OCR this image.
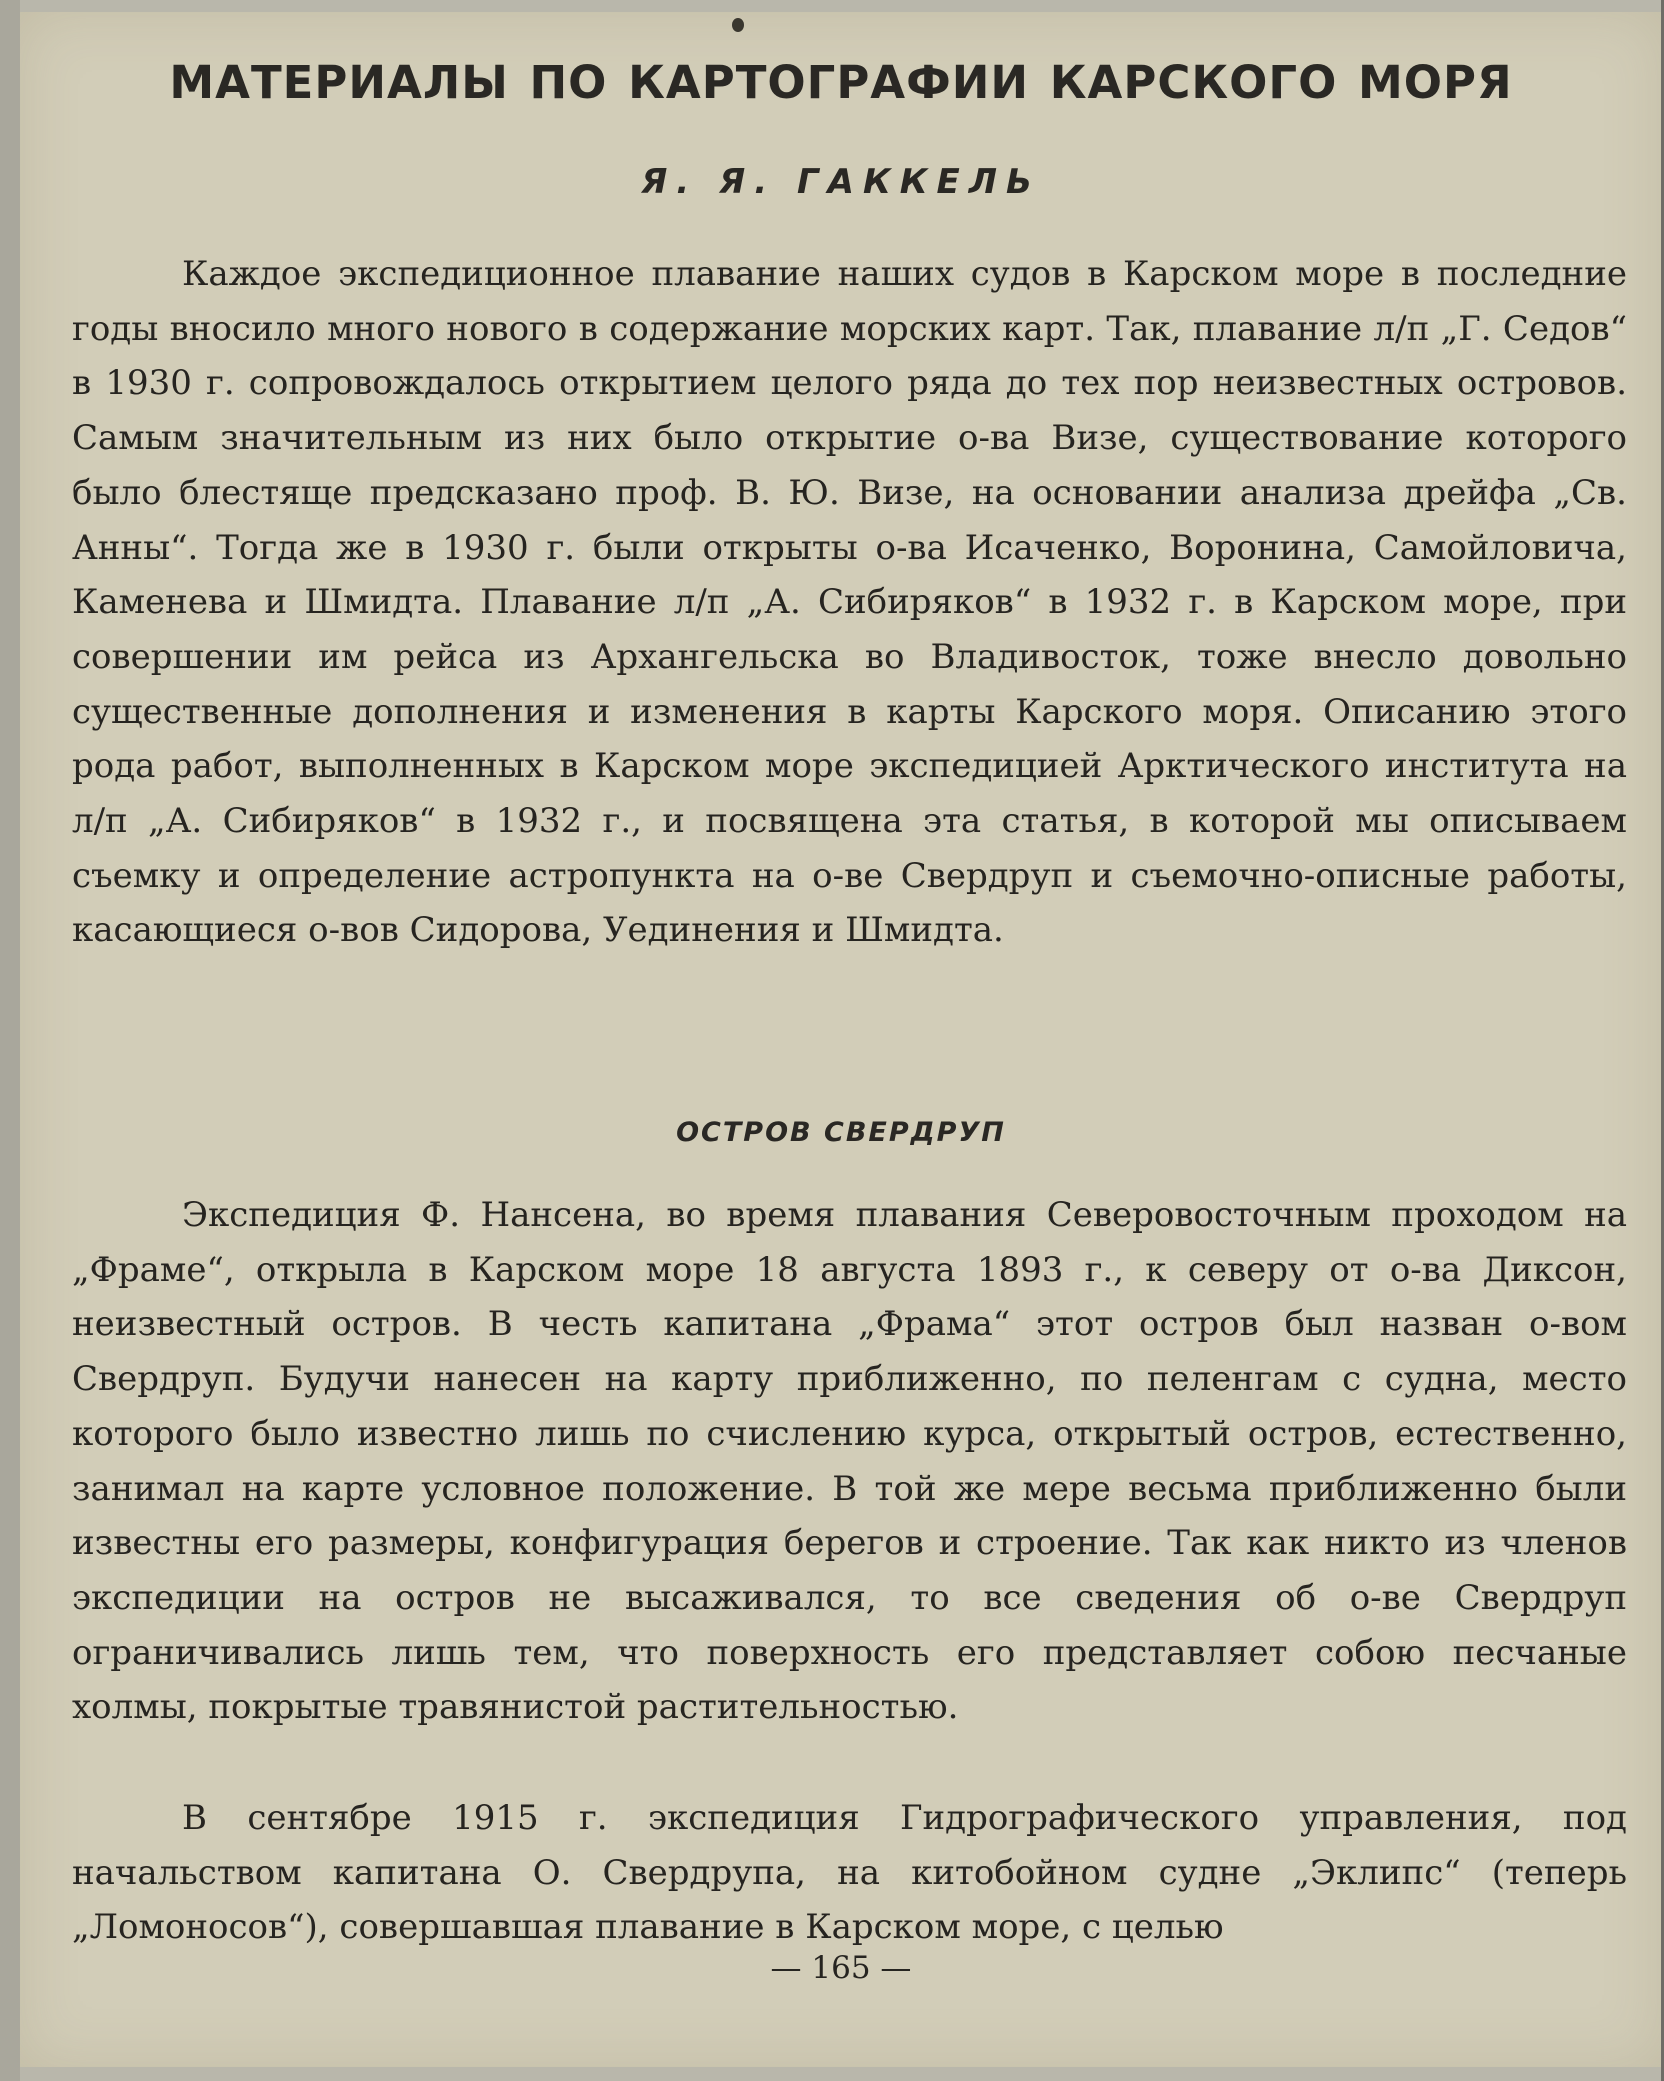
МАТЕРИАЛЫ ПО КАРТОГРАФИИ КАРСКОГО МОРЯ
Я. Я. ГАККЕЛЬ

Каждое экспедиционное плавание наших судов в Карском море в последние годы вносило много нового в содержание морских карт. Так, плавание л/п „Г. Седов“ в 1930 г. сопровождалось открытием целого ряда до тех пор неизвестных островов. Самым значительным из них было открытие о-ва Визе, существование которого было блестяще предсказано проф. В. Ю. Визе, на основании анализа дрейфа „Св. Анны“. Тогда же в 1930 г. были открыты о-ва Исаченко, Воронина, Самойловича, Каменева и Шмидта. Плавание л/п „А. Сибиряков“ в 1932 г. в Карском море, при совершении им рейса из Архангельска во Владивосток, тоже внесло довольно существенные дополнения и изменения в карты Карского моря. Описанию этого рода работ, выполненных в Карском море экспедицией Арктического института на л/п „А. Сибиряков“ в 1932 г., и посвящена эта статья, в которой мы описываем съемку и определение астропункта на о-ве Свердруп и съемочно-описные работы, касающиеся о-вов Сидорова, Уединения и Шмидта.

ОСТРОВ СВЕРДРУП

Экспедиция Ф. Нансена, во время плавания Северовосточным проходом на „Фраме“, открыла в Карском море 18 августа 1893 г., к северу от о-ва Диксон, неизвестный остров. В честь капитана „Фрама“ этот остров был назван о-вом Свердруп. Будучи нанесен на карту приближенно, по пеленгам с судна, место которого было известно лишь по счислению курса, открытый остров, естественно, занимал на карте условное положение. В той же мере весьма приближенно были известны его размеры, конфигурация берегов и строение. Так как никто из членов экспедиции на остров не высаживался, то все сведения об о-ве Свердруп ограничивались лишь тем, что поверхность его представляет собою песчаные холмы, покрытые травянистой растительностью.

В сентябре 1915 г. экспедиция Гидрографического управления, под начальством капитана О. Свердрупа, на китобойном судне „Эклипс“ (теперь „Ломоносов“), совершавшая плавание в Карском море, с целью

— 165 —
